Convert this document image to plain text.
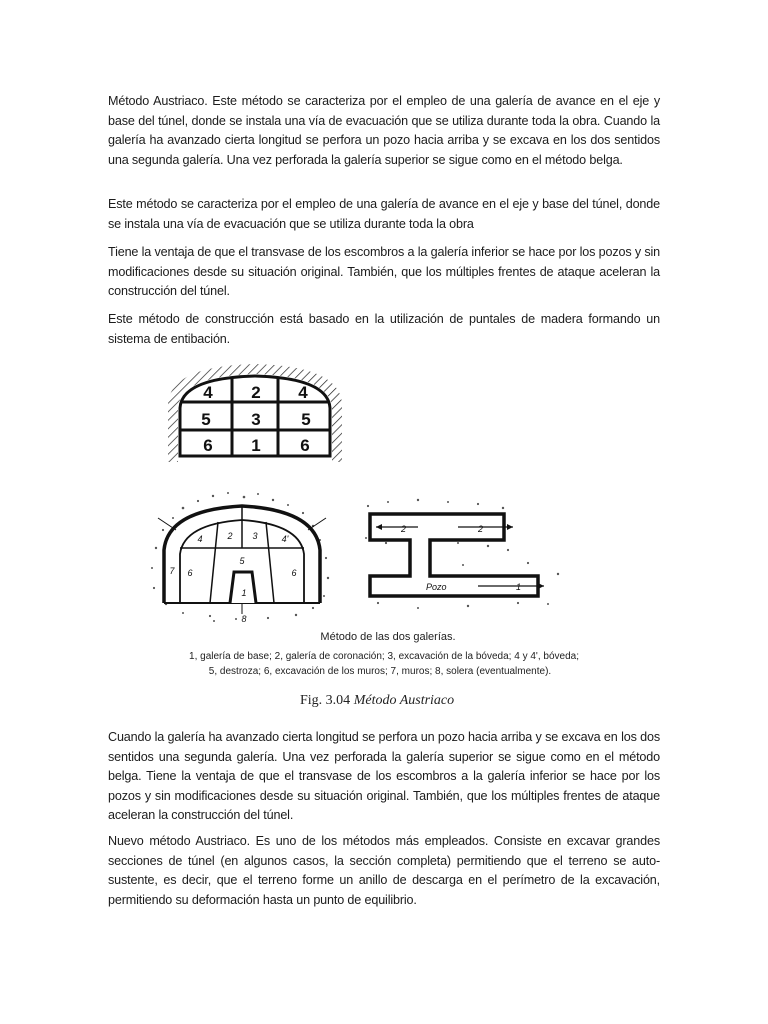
Método Austriaco. Este método se caracteriza por el empleo de una galería de avance en el eje y base del túnel, donde se instala una vía de evacuación que se utiliza durante toda la obra. Cuando la galería ha avanzado cierta longitud se perfora un pozo hacia arriba y se excava en los dos sentidos una segunda galería. Una vez perforada la galería superior se sigue como en el método belga.

Este método se caracteriza por el empleo de una galería de avance en el eje y base del túnel, donde se instala una vía de evacuación que se utiliza durante toda la obra

Tiene la ventaja de que el transvase de los escombros a la galería inferior se hace por los pozos y sin modificaciones desde su situación original. También, que los múltiples frentes de ataque aceleran la construcción del túnel.

Este método de construcción está basado en la utilización de puntales de madera formando un sistema de entibación.

4 2 4
5 3 5
6 1 6
1
2 3
4	4'
5
6	6
7
8
2	2
Pozo	1
Método de las dos galerías.
1, galería de base; 2, galería de coronación; 3, excavación de la bóveda; 4 y 4', bóveda;
5, destroza; 6, excavación de los muros; 7, muros; 8, solera (eventualmente).
Fig. 3.04 Método Austriaco

Cuando la galería ha avanzado cierta longitud se perfora un pozo hacia arriba y se excava en los dos sentidos una segunda galería. Una vez perforada la galería superior se sigue como en el método belga. Tiene la ventaja de que el transvase de los escombros a la galería inferior se hace por los pozos y sin modificaciones desde su situación original. También, que los múltiples frentes de ataque aceleran la construcción del túnel.

Nuevo método Austriaco. Es uno de los métodos más empleados. Consiste en excavar grandes secciones de túnel (en algunos casos, la sección completa) permitiendo que el terreno se auto-sustente, es decir, que el terreno forme un anillo de descarga en el perímetro de la excavación, permitiendo su deformación hasta un punto de equilibrio.
